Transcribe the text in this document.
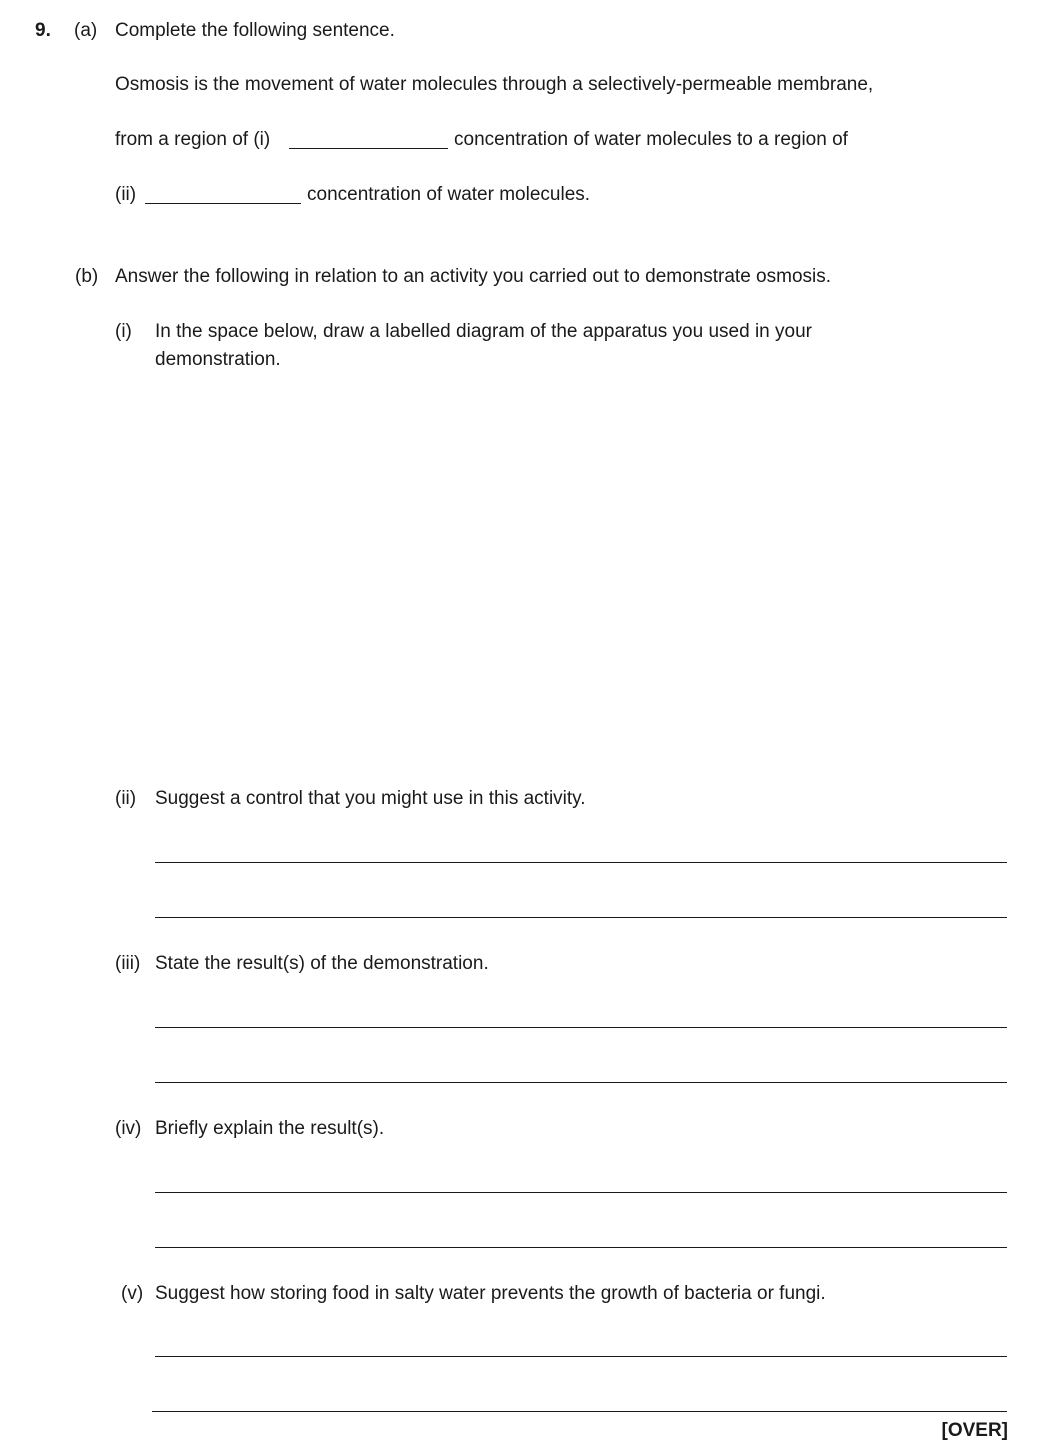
9. (a) Complete the following sentence.
Osmosis is the movement of water molecules through a selectively-permeable membrane,
from a region of (i)	concentration of water molecules to a region of
(ii)	concentration of water molecules.
(b) Answer the following in relation to an activity you carried out to demonstrate osmosis.
(i) In the space below, draw a labelled diagram of the apparatus you used in your
demonstration.
(ii) Suggest a control that you might use in this activity.
(iii) State the result(s) of the demonstration.
(iv) Briefly explain the result(s).
(v) Suggest how storing food in salty water prevents the growth of bacteria or fungi.
[OVER]
